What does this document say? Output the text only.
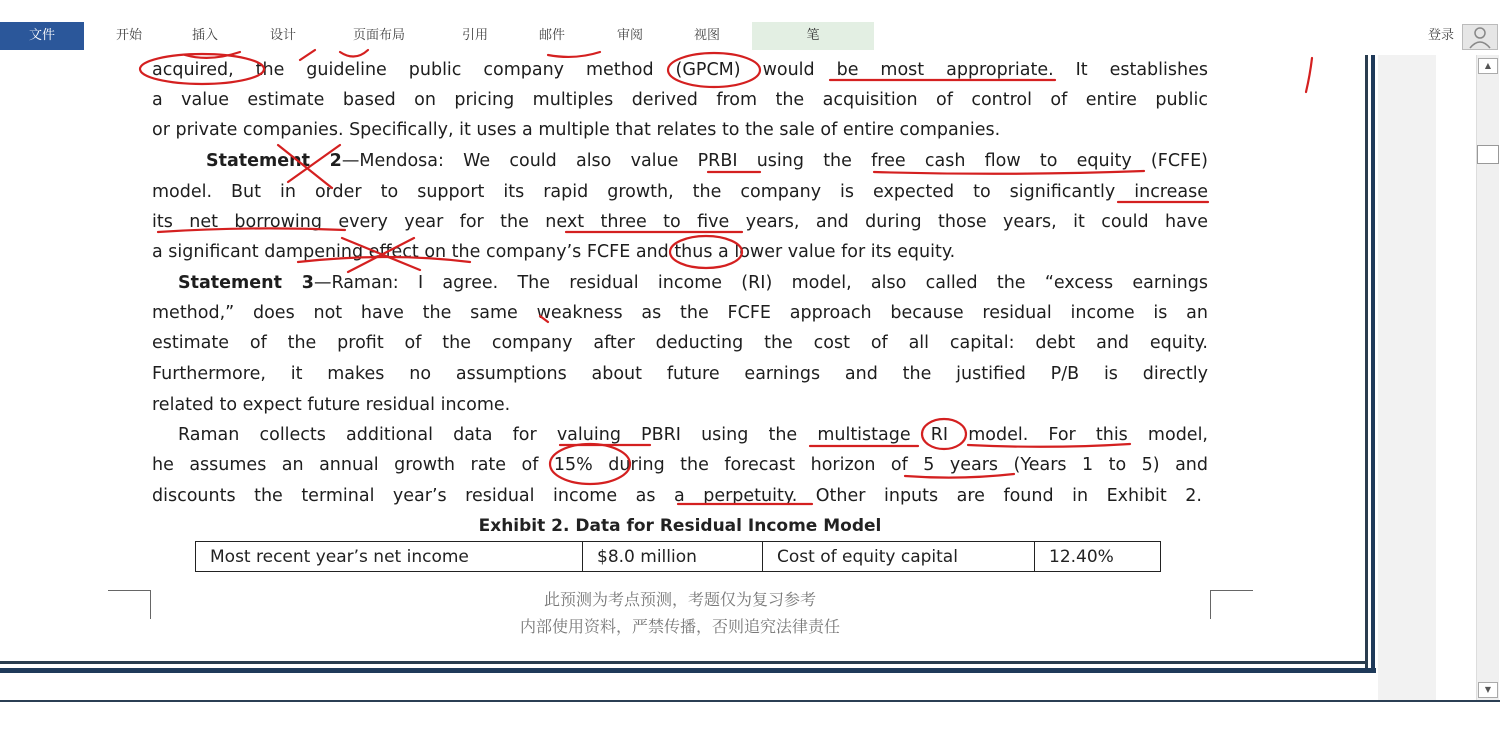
文件	开始	插入	设计	页面布局	引用	邮件	审阅	视图	笔	登录
acquired, the guideline public company method (GPCM) would be most appropriate. It establishes
a value estimate based on pricing multiples derived from the acquisition of control of entire public
or private companies. Specifically, it uses a multiple that relates to the sale of entire companies.
Statement 2—Mendosa: We could also value PRBI using the free cash flow to equity (FCFE)
model. But in order to support its rapid growth, the company is expected to significantly increase
its net borrowing every year for the next three to five years, and during those years, it could have
a significant dampening effect on the company’s FCFE and thus a lower value for its equity.
Statement 3—Raman: I agree. The residual income (RI) model, also called the “excess earnings
method,” does not have the same weakness as the FCFE approach because residual income is an
estimate of the profit of the company after deducting the cost of all capital: debt and equity.
Furthermore, it makes no assumptions about future earnings and the justified P/B is directly
related to expect future residual income.
Raman collects additional data for valuing PBRI using the multistage RI model. For this model,
he assumes an annual growth rate of 15% during the forecast horizon of 5 years (Years 1 to 5) and
discounts the terminal year’s residual income as a perpetuity. Other inputs are found in Exhibit 2.
Exhibit 2. Data for Residual Income Model
Most recent year’s net income	$8.0 million	Cost of equity capital	12.40%
此预测为考点预测，考题仅为复习参考
内部使用资料，严禁传播，否则追究法律责任
▲
▼
